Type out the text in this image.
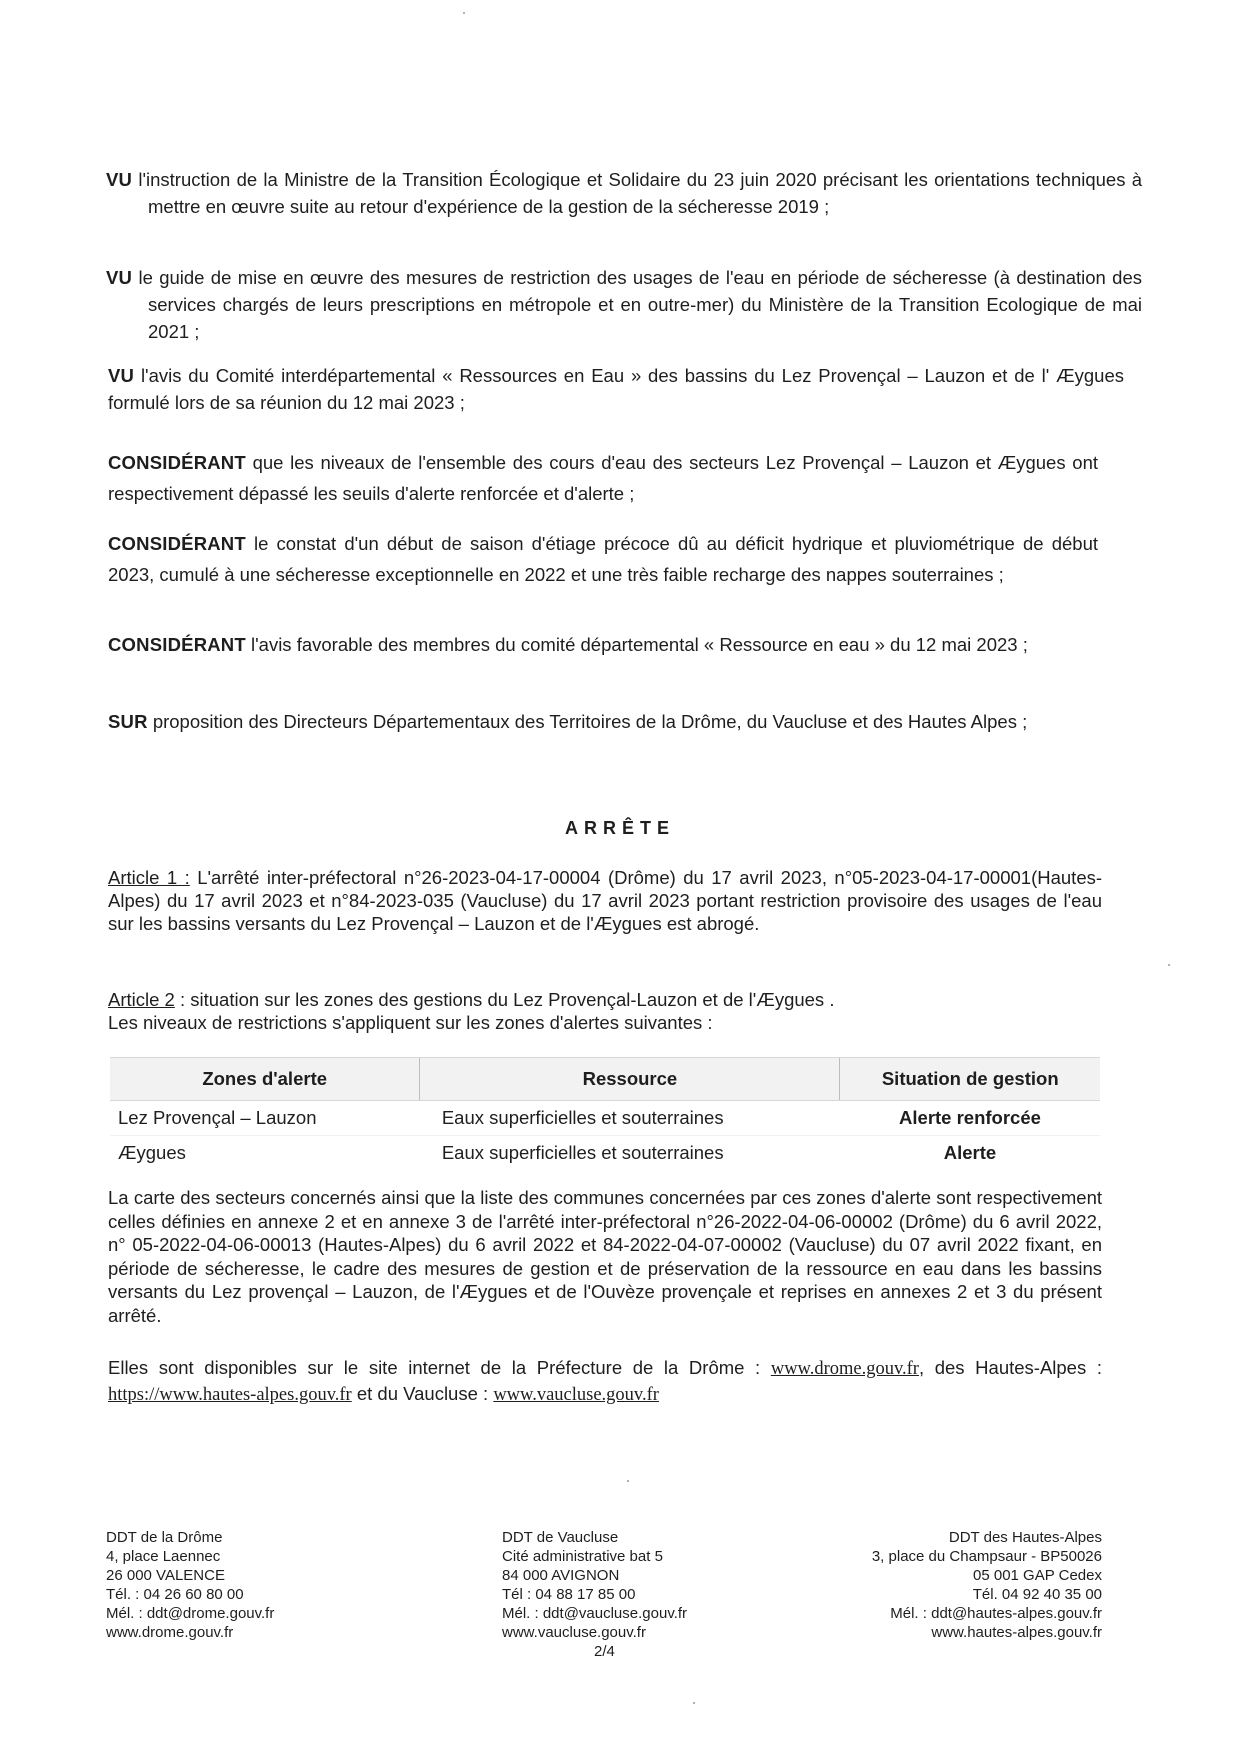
VU l'instruction de la Ministre de la Transition Écologique et Solidaire du 23 juin 2020 précisant les orientations techniques à mettre en œuvre suite au retour d'expérience de la gestion de la sécheresse 2019 ;
VU le guide de mise en œuvre des mesures de restriction des usages de l'eau en période de sécheresse (à destination des services chargés de leurs prescriptions en métropole et en outre-mer) du Ministère de la Transition Ecologique de mai 2021 ;
VU l'avis du Comité interdépartemental « Ressources en Eau » des bassins du Lez Provençal – Lauzon et de l' Æygues formulé lors de sa réunion du 12 mai 2023 ;
CONSIDÉRANT que les niveaux de l'ensemble des cours d'eau des secteurs Lez Provençal – Lauzon et Æygues ont respectivement dépassé les seuils d'alerte renforcée et d'alerte ;
CONSIDÉRANT le constat d'un début de saison d'étiage précoce dû au déficit hydrique et pluviométrique de début 2023, cumulé à une sécheresse exceptionnelle en 2022 et une très faible recharge des nappes souterraines ;
CONSIDÉRANT l'avis favorable des membres du comité départemental « Ressource en eau » du 12 mai 2023 ;
SUR proposition des Directeurs Départementaux des Territoires de la Drôme, du Vaucluse et des Hautes Alpes ;
ARRÊTE
Article 1 : L'arrêté inter-préfectoral n°26-2023-04-17-00004 (Drôme) du 17 avril 2023, n°05-2023-04-17-00001(Hautes-Alpes) du 17 avril 2023 et n°84-2023-035 (Vaucluse) du 17 avril 2023 portant restriction provisoire des usages de l'eau sur les bassins versants du Lez Provençal – Lauzon et de l'Æygues est abrogé.
Article 2 : situation sur les zones des gestions du Lez Provençal-Lauzon et de l'Æygues .
Les niveaux de restrictions s'appliquent sur les zones d'alertes suivantes :
Zones d'alerte	Ressource	Situation de gestion
Lez Provençal – Lauzon	Eaux superficielles et souterraines	Alerte renforcée
Æygues	Eaux superficielles et souterraines	Alerte
La carte des secteurs concernés ainsi que la liste des communes concernées par ces zones d'alerte sont respectivement celles définies en annexe 2 et en annexe 3 de l'arrêté inter-préfectoral n°26-2022-04-06-00002 (Drôme) du 6 avril 2022, n° 05-2022-04-06-00013 (Hautes-Alpes) du 6 avril 2022 et 84-2022-04-07-00002 (Vaucluse) du 07 avril 2022 fixant, en période de sécheresse, le cadre des mesures de gestion et de préservation de la ressource en eau dans les bassins versants du Lez provençal – Lauzon, de l'Æygues et de l'Ouvèze provençale et reprises en annexes 2 et 3 du présent arrêté.
Elles sont disponibles sur le site internet de la Préfecture de la Drôme : www.drome.gouv.fr, des Hautes-Alpes : https://www.hautes-alpes.gouv.fr et du Vaucluse : www.vaucluse.gouv.fr
DDT de la Drôme
4, place Laennec
26 000 VALENCE
Tél. : 04 26 60 80 00
Mél. : ddt@drome.gouv.fr
www.drome.gouv.fr
DDT de Vaucluse
Cité administrative bat 5
84 000 AVIGNON
Tél : 04 88 17 85 00
Mél. : ddt@vaucluse.gouv.fr
www.vaucluse.gouv.fr
2/4
DDT des Hautes-Alpes
3, place du Champsaur - BP50026
05 001 GAP Cedex
Tél. 04 92 40 35 00
Mél. : ddt@hautes-alpes.gouv.fr
www.hautes-alpes.gouv.fr
